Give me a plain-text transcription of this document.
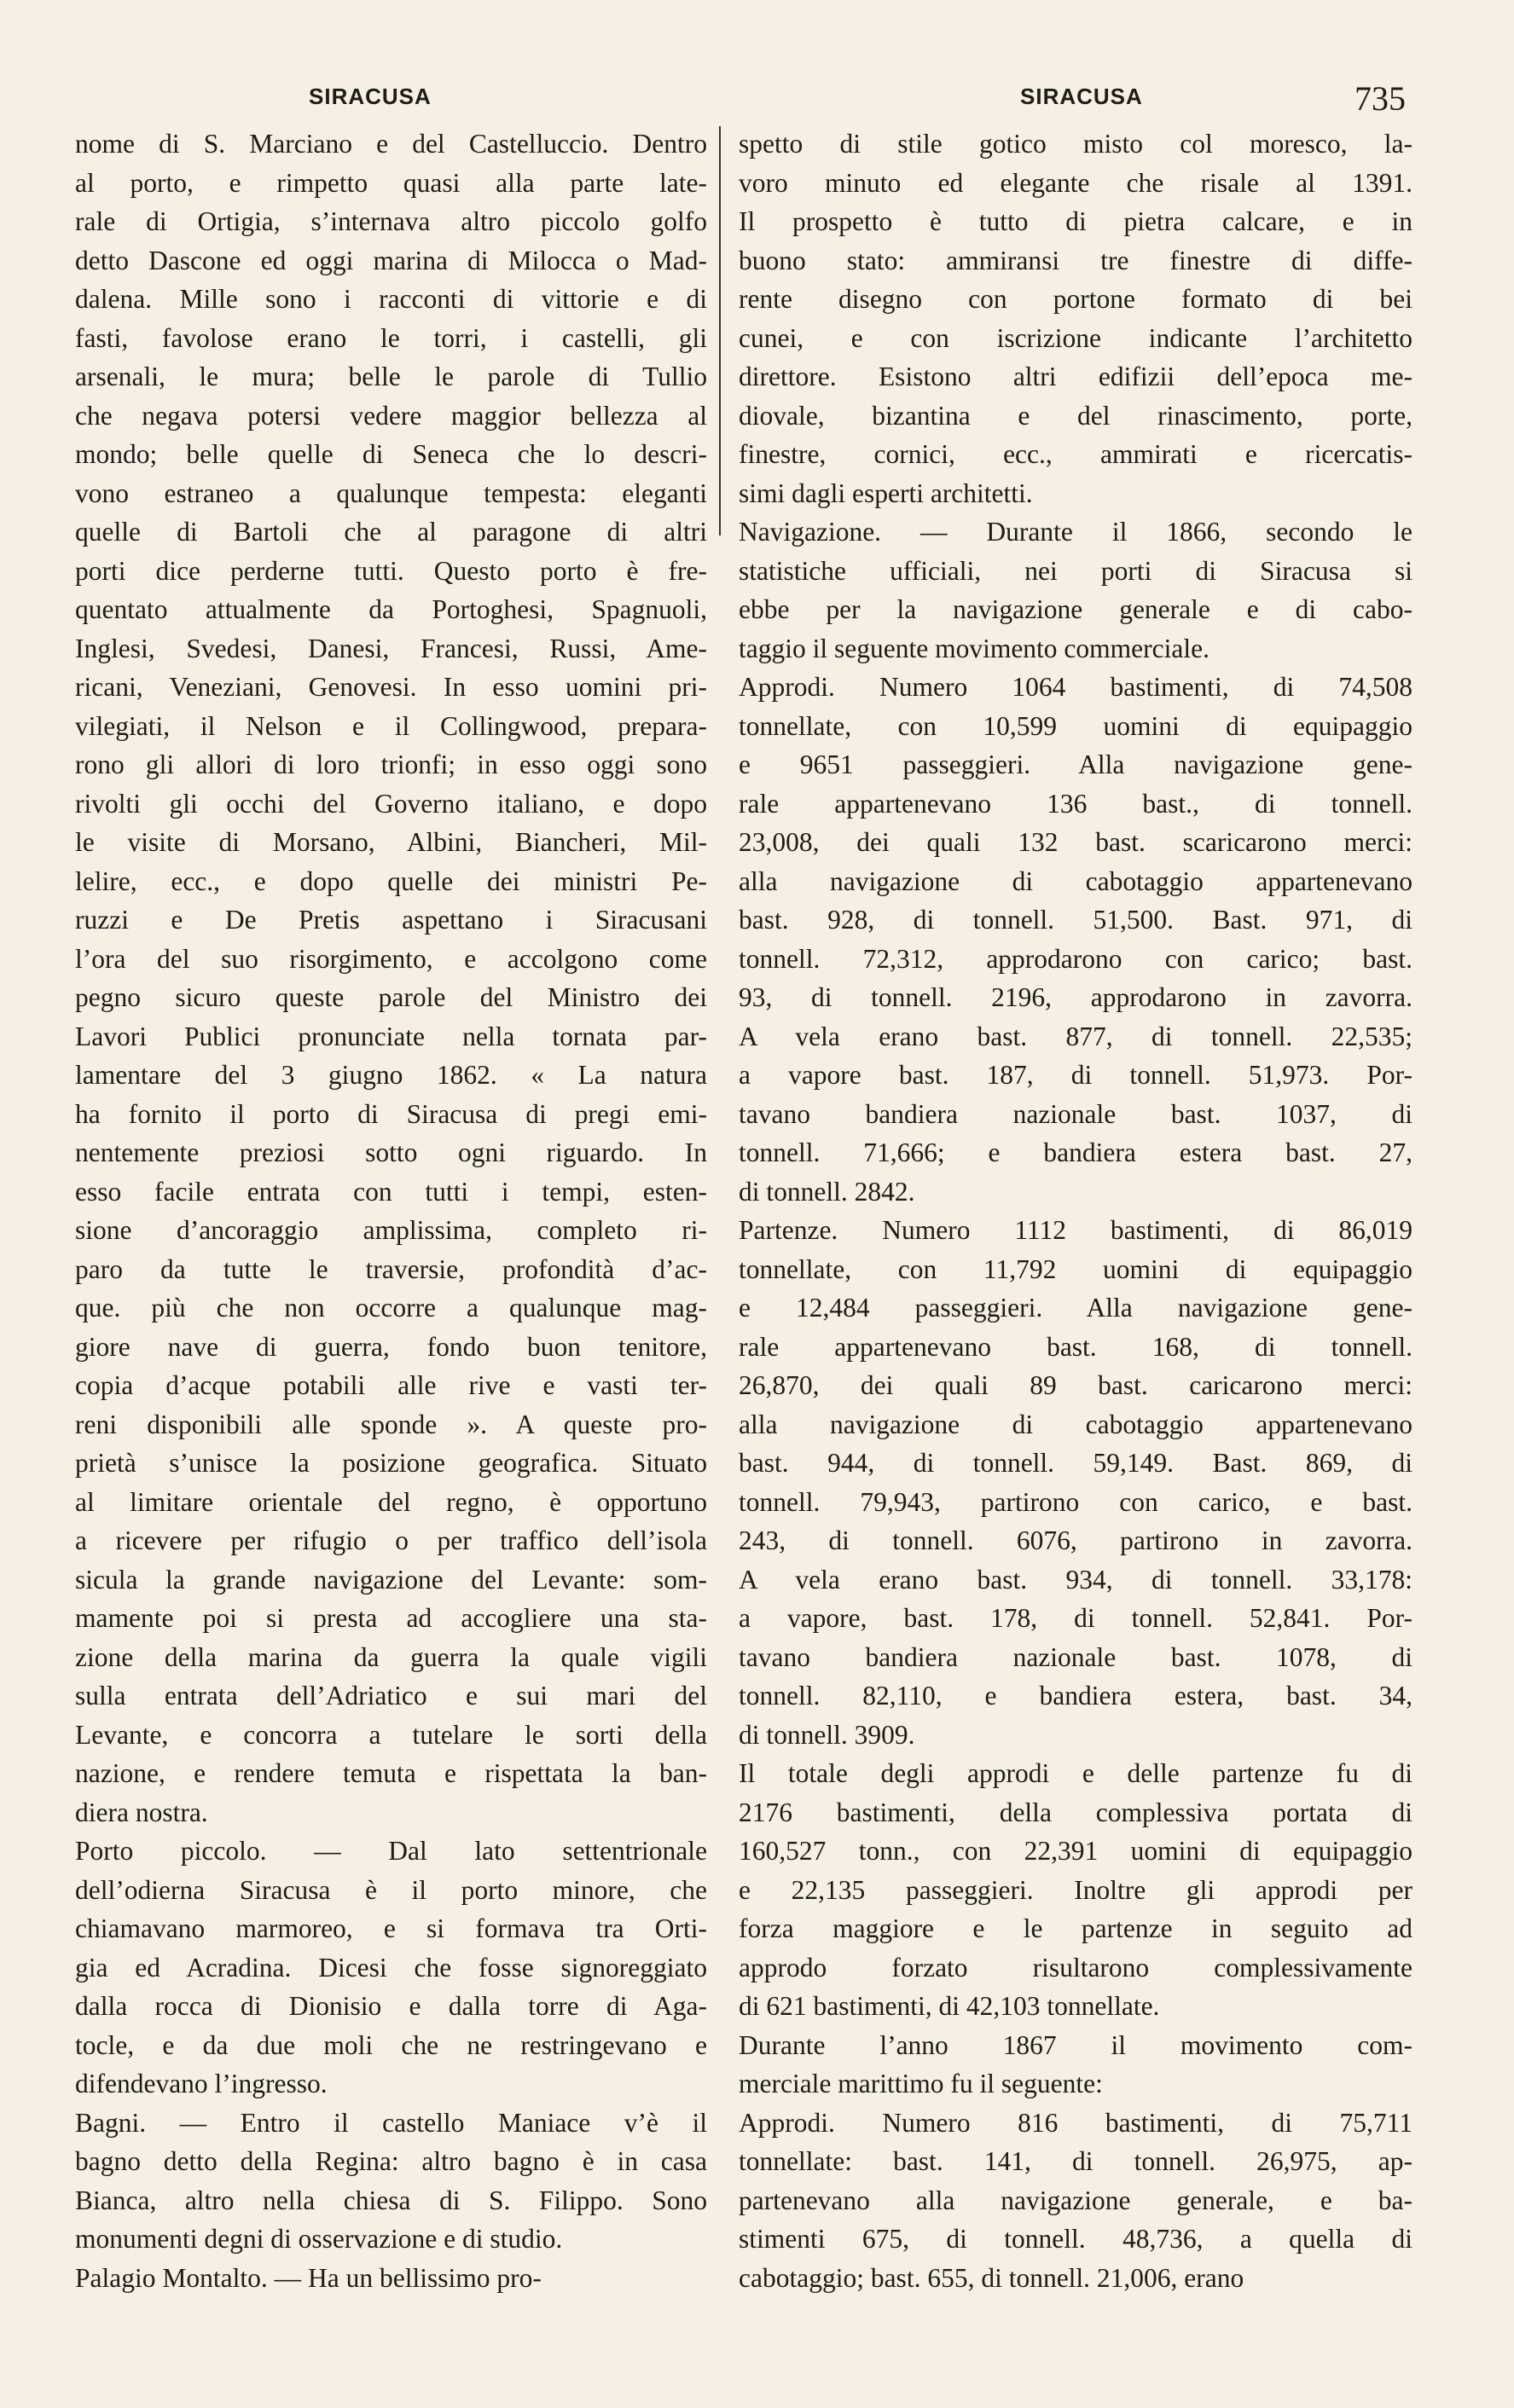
SIRACUSA	SIRACUSA	735
nome di S. Marciano e del Castelluccio. Dentro
al porto, e rimpetto quasi alla parte late-
rale di Ortigia, s’internava altro piccolo golfo
detto Dascone ed oggi marina di Milocca o Mad-
dalena. Mille sono i racconti di vittorie e di
fasti, favolose erano le torri, i castelli, gli
arsenali, le mura; belle le parole di Tullio
che negava potersi vedere maggior bellezza al
mondo; belle quelle di Seneca che lo descri-
vono estraneo a qualunque tempesta: eleganti
quelle di Bartoli che al paragone di altri
porti dice perderne tutti. Questo porto è fre-
quentato attualmente da Portoghesi, Spagnuoli,
Inglesi, Svedesi, Danesi, Francesi, Russi, Ame-
ricani, Veneziani, Genovesi. In esso uomini pri-
vilegiati, il Nelson e il Collingwood, prepara-
rono gli allori di loro trionfi; in esso oggi sono
rivolti gli occhi del Governo italiano, e dopo
le visite di Morsano, Albini, Biancheri, Mil-
lelire, ecc., e dopo quelle dei ministri Pe-
ruzzi e De Pretis aspettano i Siracusani
l’ora del suo risorgimento, e accolgono come
pegno sicuro queste parole del Ministro dei
Lavori Publici pronunciate nella tornata par-
lamentare del 3 giugno 1862. « La natura
ha fornito il porto di Siracusa di pregi emi-
nentemente preziosi sotto ogni riguardo. In
esso facile entrata con tutti i tempi, esten-
sione d’ancoraggio amplissima, completo ri-
paro da tutte le traversie, profondità d’ac-
que. più che non occorre a qualunque mag-
giore nave di guerra, fondo buon tenitore,
copia d’acque potabili alle rive e vasti ter-
reni disponibili alle sponde ». A queste pro-
prietà s’unisce la posizione geografica. Situato
al limitare orientale del regno, è opportuno
a ricevere per rifugio o per traffico dell’isola
sicula la grande navigazione del Levante: som-
mamente poi si presta ad accogliere una sta-
zione della marina da guerra la quale vigili
sulla entrata dell’Adriatico e sui mari del
Levante, e concorra a tutelare le sorti della
nazione, e rendere temuta e rispettata la ban-
diera nostra.
Porto piccolo. — Dal lato settentrionale
dell’odierna Siracusa è il porto minore, che
chiamavano marmoreo, e si formava tra Orti-
gia ed Acradina. Dicesi che fosse signoreggiato
dalla rocca di Dionisio e dalla torre di Aga-
tocle, e da due moli che ne restringevano e
difendevano l’ingresso.
Bagni. — Entro il castello Maniace v’è il
bagno detto della Regina: altro bagno è in casa
Bianca, altro nella chiesa di S. Filippo. Sono
monumenti degni di osservazione e di studio.
Palagio Montalto. — Ha un bellissimo pro-
spetto di stile gotico misto col moresco, la-
voro minuto ed elegante che risale al 1391.
Il prospetto è tutto di pietra calcare, e in
buono stato: ammiransi tre finestre di diffe-
rente disegno con portone formato di bei
cunei, e con iscrizione indicante l’architetto
direttore. Esistono altri edifizii dell’epoca me-
diovale, bizantina e del rinascimento, porte,
finestre, cornici, ecc., ammirati e ricercatis-
simi dagli esperti architetti.
Navigazione. — Durante il 1866, secondo le
statistiche ufficiali, nei porti di Siracusa si
ebbe per la navigazione generale e di cabo-
taggio il seguente movimento commerciale.
Approdi. Numero 1064 bastimenti, di 74,508
tonnellate, con 10,599 uomini di equipaggio
e 9651 passeggieri. Alla navigazione gene-
rale appartenevano 136 bast., di tonnell.
23,008, dei quali 132 bast. scaricarono merci:
alla navigazione di cabotaggio appartenevano
bast. 928, di tonnell. 51,500. Bast. 971, di
tonnell. 72,312, approdarono con carico; bast.
93, di tonnell. 2196, approdarono in zavorra.
A vela erano bast. 877, di tonnell. 22,535;
a vapore bast. 187, di tonnell. 51,973. Por-
tavano bandiera nazionale bast. 1037, di
tonnell. 71,666; e bandiera estera bast. 27,
di tonnell. 2842.
Partenze. Numero 1112 bastimenti, di 86,019
tonnellate, con 11,792 uomini di equipaggio
e 12,484 passeggieri. Alla navigazione gene-
rale appartenevano bast. 168, di tonnell.
26,870, dei quali 89 bast. caricarono merci:
alla navigazione di cabotaggio appartenevano
bast. 944, di tonnell. 59,149. Bast. 869, di
tonnell. 79,943, partirono con carico, e bast.
243, di tonnell. 6076, partirono in zavorra.
A vela erano bast. 934, di tonnell. 33,178:
a vapore, bast. 178, di tonnell. 52,841. Por-
tavano bandiera nazionale bast. 1078, di
tonnell. 82,110, e bandiera estera, bast. 34,
di tonnell. 3909.
Il totale degli approdi e delle partenze fu di
2176 bastimenti, della complessiva portata di
160,527 tonn., con 22,391 uomini di equipaggio
e 22,135 passeggieri. Inoltre gli approdi per
forza maggiore e le partenze in seguito ad
approdo forzato risultarono complessivamente
di 621 bastimenti, di 42,103 tonnellate.
Durante l’anno 1867 il movimento com-
merciale marittimo fu il seguente:
Approdi. Numero 816 bastimenti, di 75,711
tonnellate: bast. 141, di tonnell. 26,975, ap-
partenevano alla navigazione generale, e ba-
stimenti 675, di tonnell. 48,736, a quella di
cabotaggio; bast. 655, di tonnell. 21,006, erano
